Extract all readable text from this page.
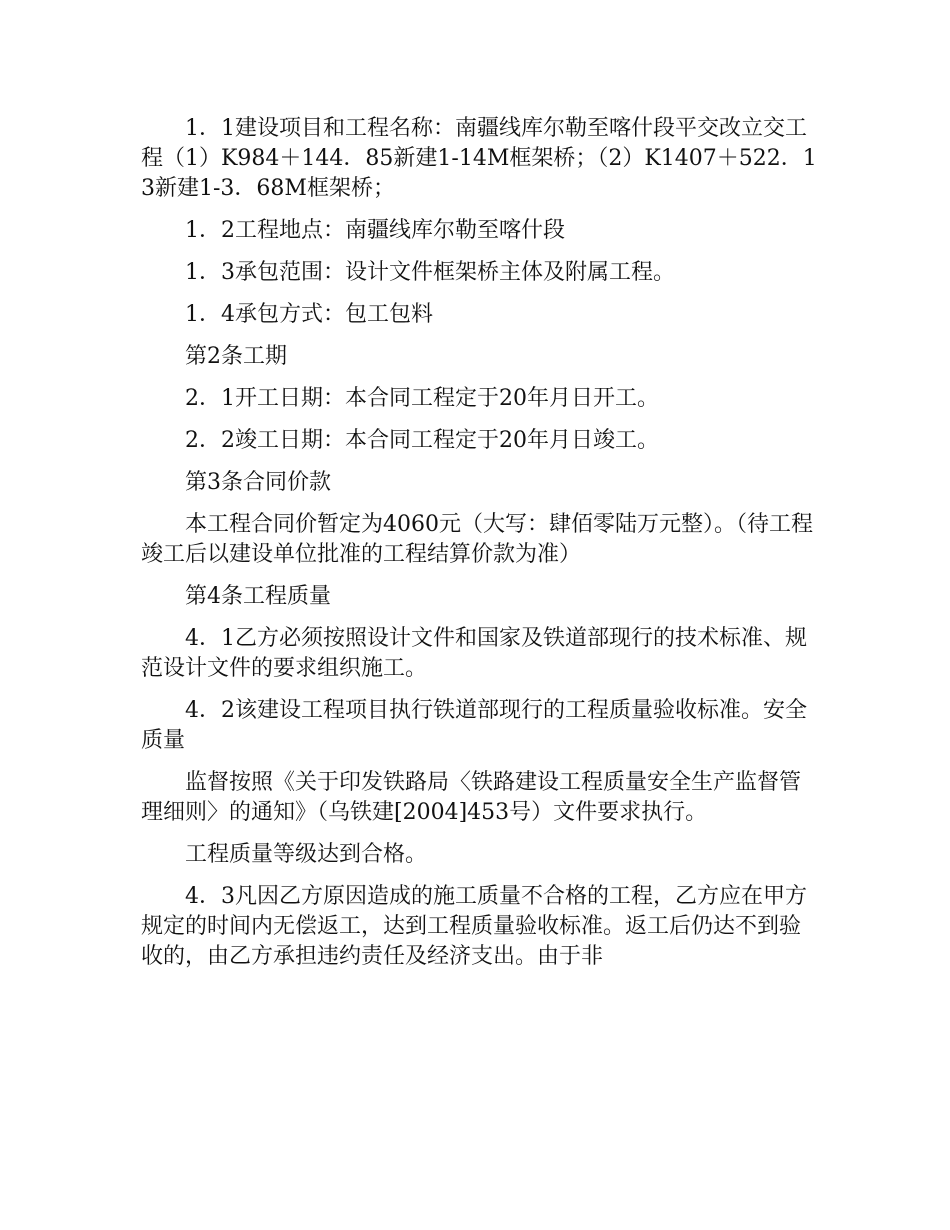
1．1建设项目和工程名称：南疆线库尔勒至喀什段平交改立交工程（1）K984＋144．85新建1-14M框架桥；（2）K1407＋522．13新建1-3．68M框架桥；

1．2工程地点：南疆线库尔勒至喀什段

1．3承包范围：设计文件框架桥主体及附属工程。

1．4承包方式：包工包料

第2条工期

2．1开工日期：本合同工程定于20年月日开工。

2．2竣工日期：本合同工程定于20年月日竣工。

第3条合同价款

本工程合同价暂定为4060元（大写：肆佰零陆万元整）。（待工程竣工后以建设单位批准的工程结算价款为准）

第4条工程质量

4．1乙方必须按照设计文件和国家及铁道部现行的技术标准、规范设计文件的要求组织施工。

4．2该建设工程项目执行铁道部现行的工程质量验收标准。安全质量

监督按照《关于印发铁路局〈铁路建设工程质量安全生产监督管理细则〉的通知》（乌铁建[2004]453号）文件要求执行。

工程质量等级达到合格。

4．3凡因乙方原因造成的施工质量不合格的工程，乙方应在甲方规定的时间内无偿返工，达到工程质量验收标准。返工后仍达不到验收的，由乙方承担违约责任及经济支出。由于非
